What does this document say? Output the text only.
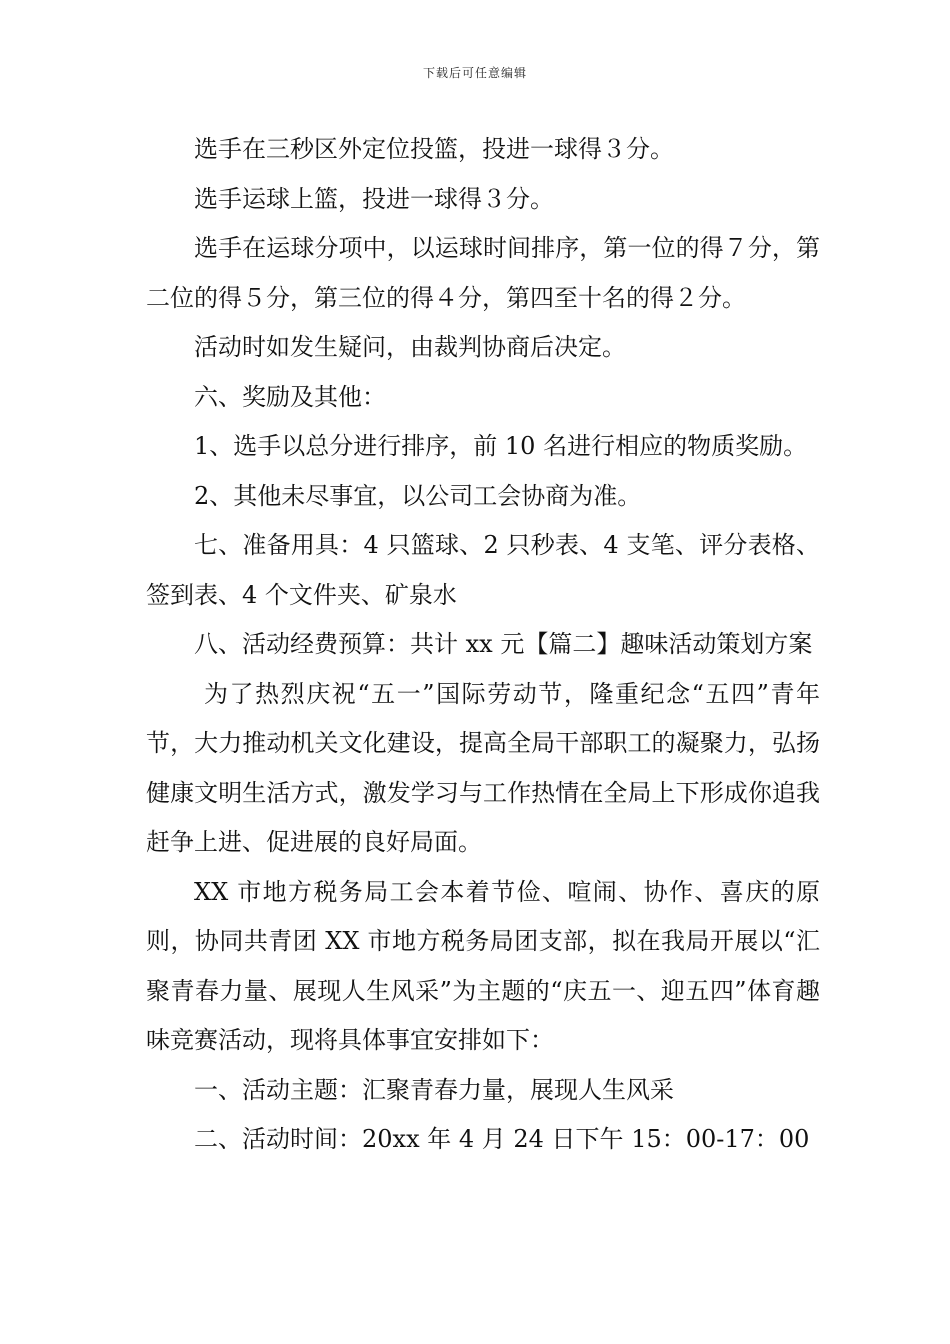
下载后可任意编辑

选手在三秒区外定位投篮，投进一球得３分。

选手运球上篮，投进一球得３分。

选手在运球分项中，以运球时间排序，第一位的得７分，第二位的得５分，第三位的得４分，第四至十名的得２分。

活动时如发生疑问，由裁判协商后决定。

六、奖励及其他：

1、选手以总分进行排序，前 10 名进行相应的物质奖励。

2、其他未尽事宜，以公司工会协商为准。

七、准备用具：4 只篮球、2 只秒表、4 支笔、评分表格、签到表、4 个文件夹、矿泉水

八、活动经费预算：共计 xx 元【篇二】趣味活动策划方案

为了热烈庆祝“五一”国际劳动节，隆重纪念“五四”青年节，大力推动机关文化建设，提高全局干部职工的凝聚力，弘扬健康文明生活方式，激发学习与工作热情在全局上下形成你追我赶争上进、促进展的良好局面。

XX 市地方税务局工会本着节俭、喧闹、协作、喜庆的原则，协同共青团 XX 市地方税务局团支部，拟在我局开展以“汇聚青春力量、展现人生风采”为主题的“庆五一、迎五四”体育趣味竞赛活动，现将具体事宜安排如下：

一、活动主题：汇聚青春力量，展现人生风采

二、活动时间：20xx 年 4 月 24 日下午 15：00-17：00
